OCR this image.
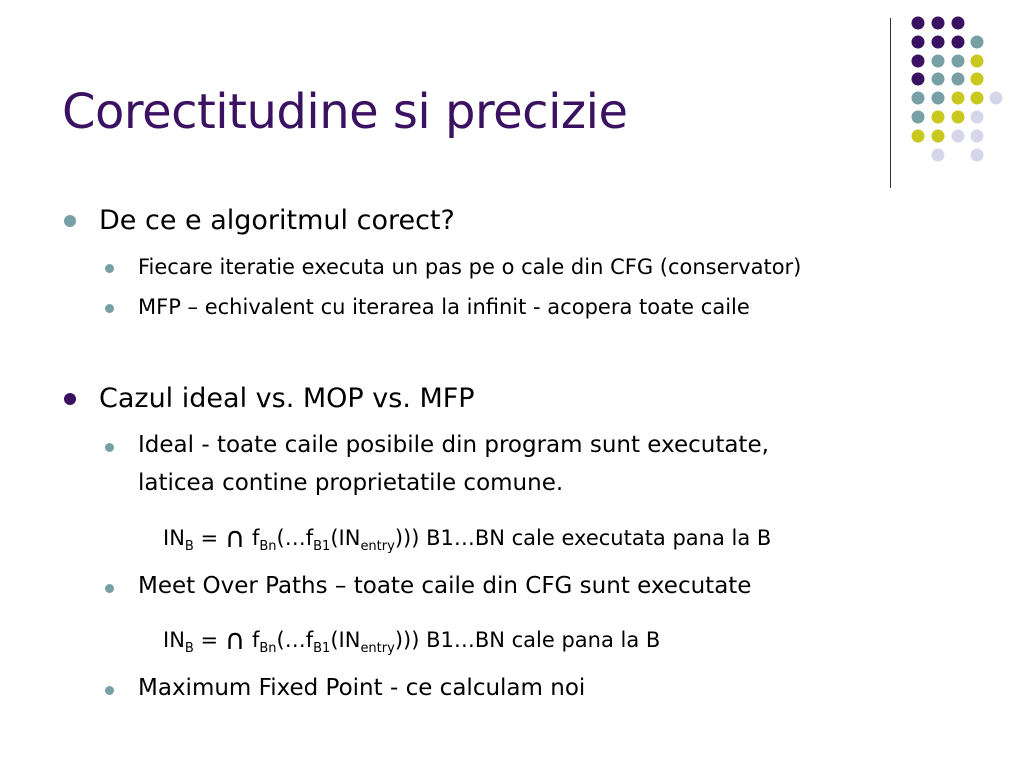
Corectitudine si precizie
De ce e algoritmul corect?
Fiecare iteratie executa un pas pe o cale din CFG (conservator)
MFP – echivalent cu iterarea la infinit - acopera toate caile
Cazul ideal vs. MOP vs. MFP
Ideal - toate caile posibile din program sunt executate,
laticea contine proprietatile comune.
$IN_B$ = ∩ $f_{Bn}(\dots f_{B1}(IN_{entry}))$) B1…BN cale executata pana la B
Meet Over Paths – toate caile din CFG sunt executate
$IN_B$ = ∩ $f_{Bn}(\dots f_{B1}(IN_{entry}))$) B1…BN cale pana la B
Maximum Fixed Point - ce calculam noi
